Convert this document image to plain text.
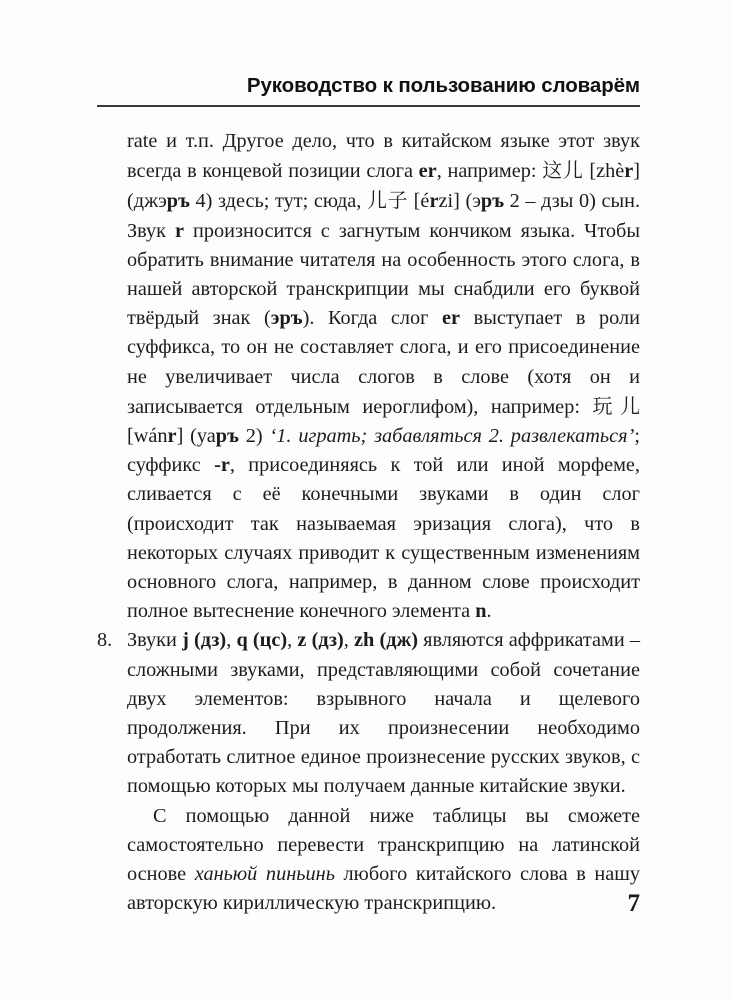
Руководство к пользованию словарём

rate и т.п. Другое дело, что в китайском языке этот звук всегда в концевой позиции слога er, например: 这儿 [zhèr] (джэръ 4) здесь; тут; сюда, 儿子 [érzi] (эръ 2 – дзы 0) сын. Звук r произносится с загнутым кончиком языка. Чтобы обратить внимание читателя на особенность этого слога, в нашей авторской транскрипции мы снабдили его буквой твёрдый знак (эръ). Когда слог er выступает в роли суффикса, то он не составляет слога, и его присоединение не увеличивает числа слогов в слове (хотя он и записывается отдельным иероглифом), например: 玩儿 [wánr] (уаръ 2) ‘1. играть; забавляться 2. развлекаться’; суффикс -r, присоединяясь к той или иной морфеме, сливается с её конечными звуками в один слог (происходит так называемая эризация слога), что в некоторых случаях приводит к существенным изменениям основного слога, например, в данном слове происходит полное вытеснение конечного элемента n.

8. Звуки j (дз), q (цс), z (дз), zh (дж) являются аффрикатами – сложными звуками, представляющими собой сочетание двух элементов: взрывного начала и щелевого продолжения. При их произнесении необходимо отработать слитное единое произнесение русских звуков, с помощью которых мы получаем данные китайские звуки.

С помощью данной ниже таблицы вы сможете самостоятельно перевести транскрипцию на латинской основе ханьюй пиньинь любого китайского слова в нашу авторскую кириллическую транскрипцию.	7
